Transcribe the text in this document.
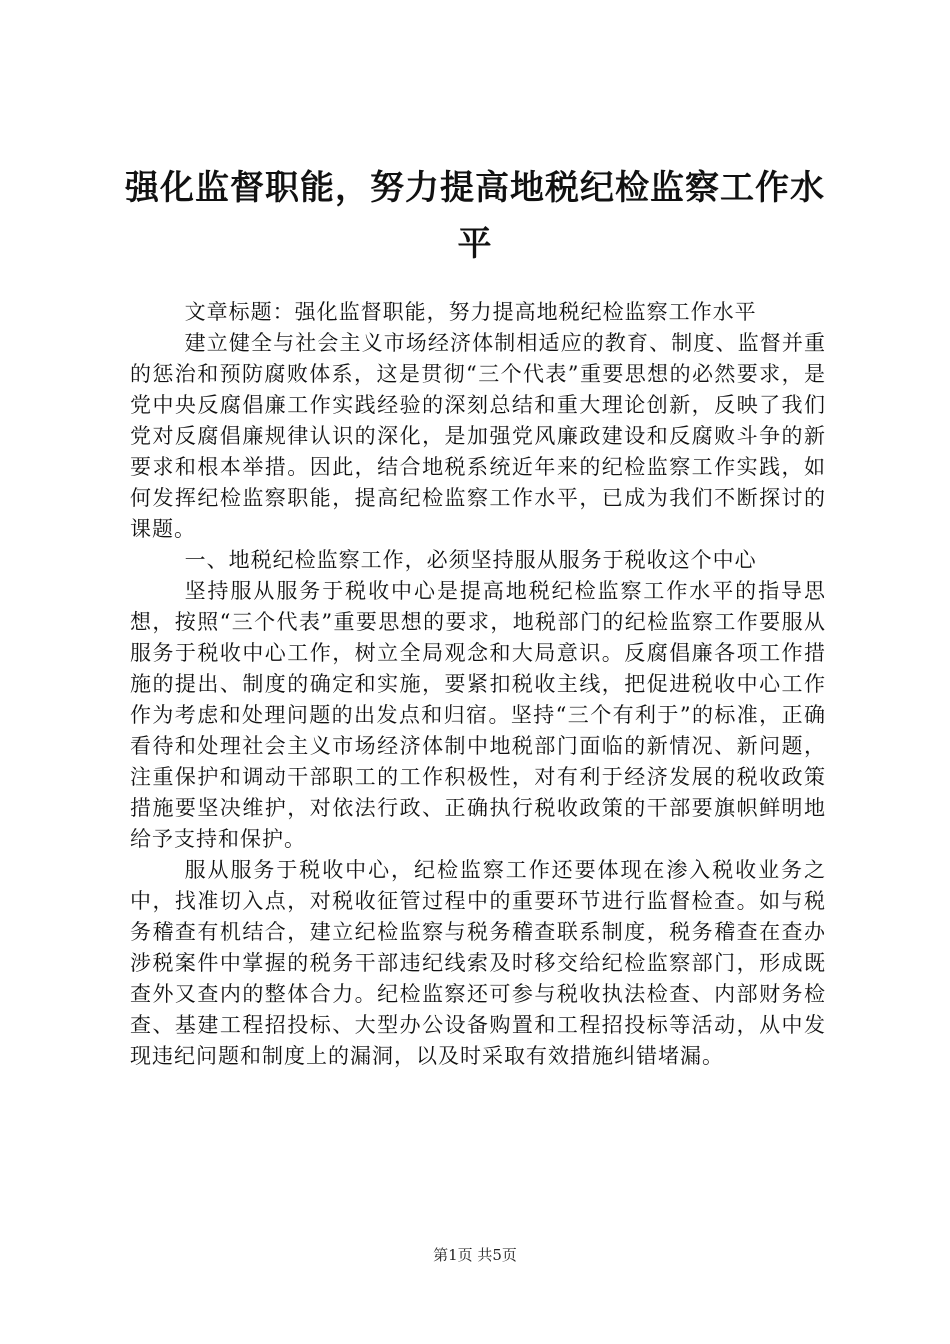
强化监督职能，努力提高地税纪检监察工作水平

文章标题：强化监督职能，努力提高地税纪检监察工作水平

建立健全与社会主义市场经济体制相适应的教育、制度、监督并重的惩治和预防腐败体系，这是贯彻“三个代表”重要思想的必然要求，是党中央反腐倡廉工作实践经验的深刻总结和重大理论创新，反映了我们党对反腐倡廉规律认识的深化，是加强党风廉政建设和反腐败斗争的新要求和根本举措。因此，结合地税系统近年来的纪检监察工作实践，如何发挥纪检监察职能，提高纪检监察工作水平，已成为我们不断探讨的课题。

一、地税纪检监察工作，必须坚持服从服务于税收这个中心

坚持服从服务于税收中心是提高地税纪检监察工作水平的指导思想，按照“三个代表”重要思想的要求，地税部门的纪检监察工作要服从服务于税收中心工作，树立全局观念和大局意识。反腐倡廉各项工作措施的提出、制度的确定和实施，要紧扣税收主线，把促进税收中心工作作为考虑和处理问题的出发点和归宿。坚持“三个有利于”的标准，正确看待和处理社会主义市场经济体制中地税部门面临的新情况、新问题，注重保护和调动干部职工的工作积极性，对有利于经济发展的税收政策措施要坚决维护，对依法行政、正确执行税收政策的干部要旗帜鲜明地给予支持和保护。

服从服务于税收中心，纪检监察工作还要体现在渗入税收业务之中，找准切入点，对税收征管过程中的重要环节进行监督检查。如与税务稽查有机结合，建立纪检监察与税务稽查联系制度，税务稽查在查办涉税案件中掌握的税务干部违纪线索及时移交给纪检监察部门，形成既查外又查内的整体合力。纪检监察还可参与税收执法检查、内部财务检查、基建工程招投标、大型办公设备购置和工程招投标等活动，从中发现违纪问题和制度上的漏洞，以及时采取有效措施纠错堵漏。

第1页 共5页
